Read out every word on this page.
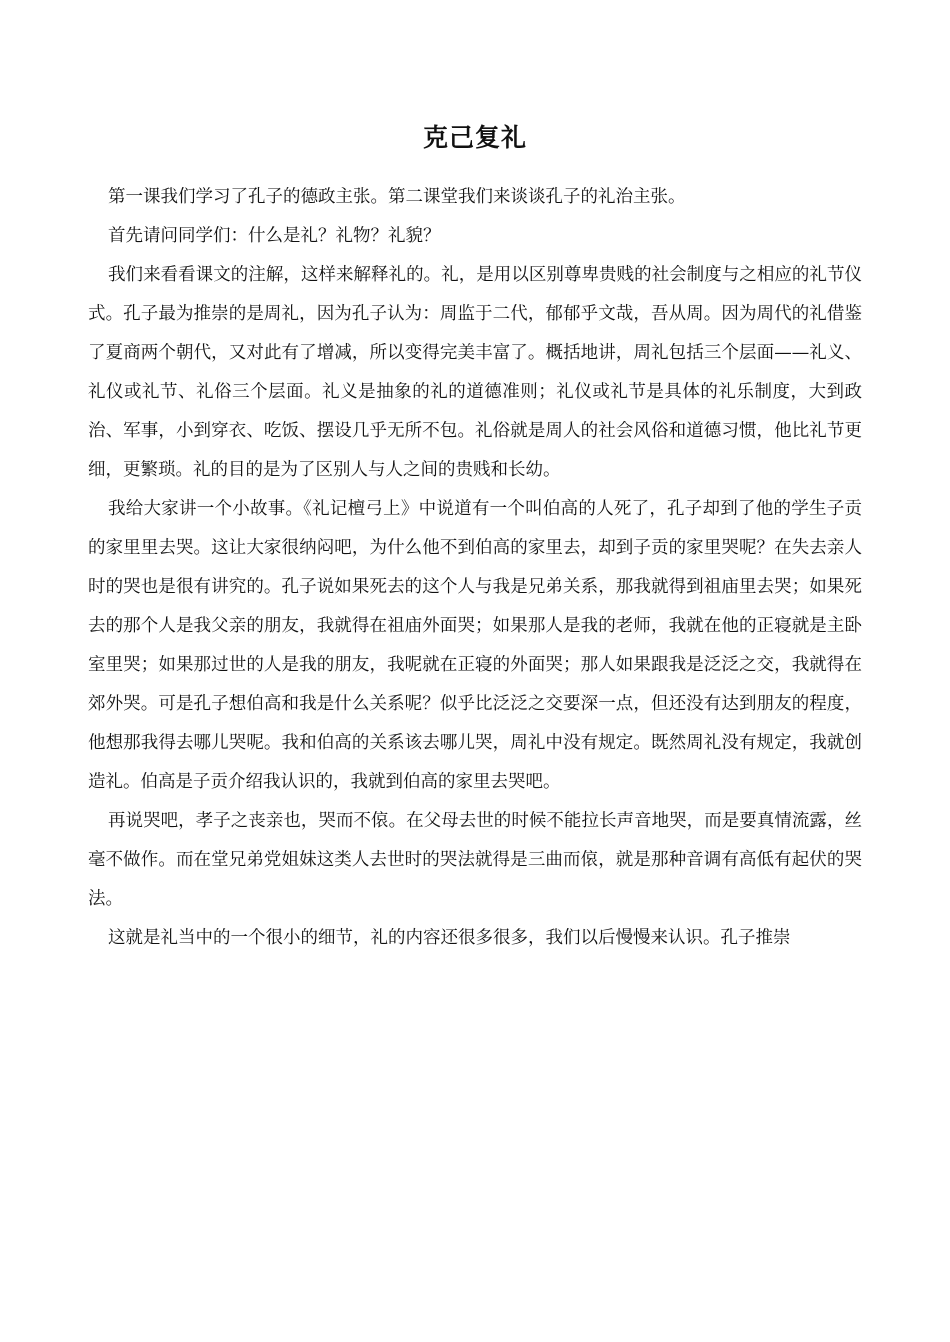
克己复礼

第一课我们学习了孔子的德政主张。第二课堂我们来谈谈孔子的礼治主张。

首先请问同学们：什么是礼？礼物？礼貌？

我们来看看课文的注解，这样来解释礼的。礼，是用以区别尊卑贵贱的社会制度与之相应的礼节仪式。孔子最为推崇的是周礼，因为孔子认为：周监于二代，郁郁乎文哉，吾从周。因为周代的礼借鉴了夏商两个朝代，又对此有了增减，所以变得完美丰富了。概括地讲，周礼包括三个层面——礼义、礼仪或礼节、礼俗三个层面。礼义是抽象的礼的道德准则；礼仪或礼节是具体的礼乐制度，大到政治、军事，小到穿衣、吃饭、摆设几乎无所不包。礼俗就是周人的社会风俗和道德习惯，他比礼节更细，更繁琐。礼的目的是为了区别人与人之间的贵贱和长幼。

我给大家讲一个小故事。《礼记檀弓上》中说道有一个叫伯高的人死了，孔子却到了他的学生子贡的家里里去哭。这让大家很纳闷吧，为什么他不到伯高的家里去，却到子贡的家里哭呢？在失去亲人时的哭也是很有讲究的。孔子说如果死去的这个人与我是兄弟关系，那我就得到祖庙里去哭；如果死去的那个人是我父亲的朋友，我就得在祖庙外面哭；如果那人是我的老师，我就在他的正寝就是主卧室里哭；如果那过世的人是我的朋友，我呢就在正寝的外面哭；那人如果跟我是泛泛之交，我就得在郊外哭。可是孔子想伯高和我是什么关系呢？似乎比泛泛之交要深一点，但还没有达到朋友的程度，他想那我得去哪儿哭呢。我和伯高的关系该去哪儿哭，周礼中没有规定。既然周礼没有规定，我就创造礼。伯高是子贡介绍我认识的，我就到伯高的家里去哭吧。

再说哭吧，孝子之丧亲也，哭而不偯。在父母去世的时候不能拉长声音地哭，而是要真情流露，丝毫不做作。而在堂兄弟党姐妹这类人去世时的哭法就得是三曲而偯，就是那种音调有高低有起伏的哭法。

这就是礼当中的一个很小的细节，礼的内容还很多很多，我们以后慢慢来认识。孔子推崇
